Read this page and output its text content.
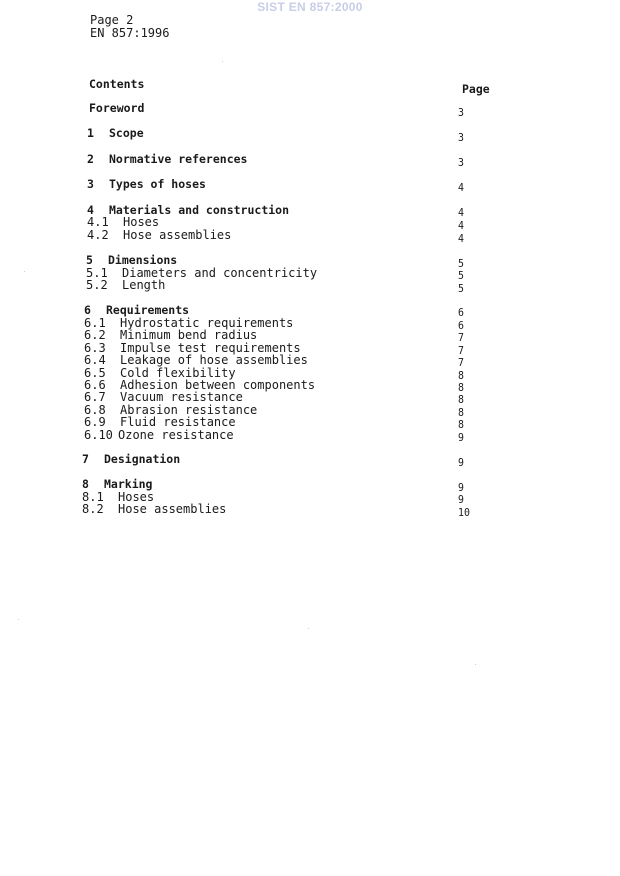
SIST EN 857:2000
Page 2
EN 857:1996
Contents	Page
Foreword	3
1 Scope	3
2 Normative references	3
3 Types of hoses	4
4 Materials and construction	4
4.1 Hoses	4
4.2 Hose assemblies	4
5 Dimensions	5
5.1 Diameters and concentricity	5
5.2 Length	5
6 Requirements	6
6.1 Hydrostatic requirements	6
6.2 Minimum bend radius	7
6.3 Impulse test requirements	7
6.4 Leakage of hose assemblies	7
6.5 Cold flexibility	8
6.6 Adhesion between components	8
6.7 Vacuum resistance	8
6.8 Abrasion resistance	8
6.9 Fluid resistance	8
6.10 Ozone resistance	9
7 Designation	9
8 Marking	9
8.1 Hoses	9
8.2 Hose assemblies	10
